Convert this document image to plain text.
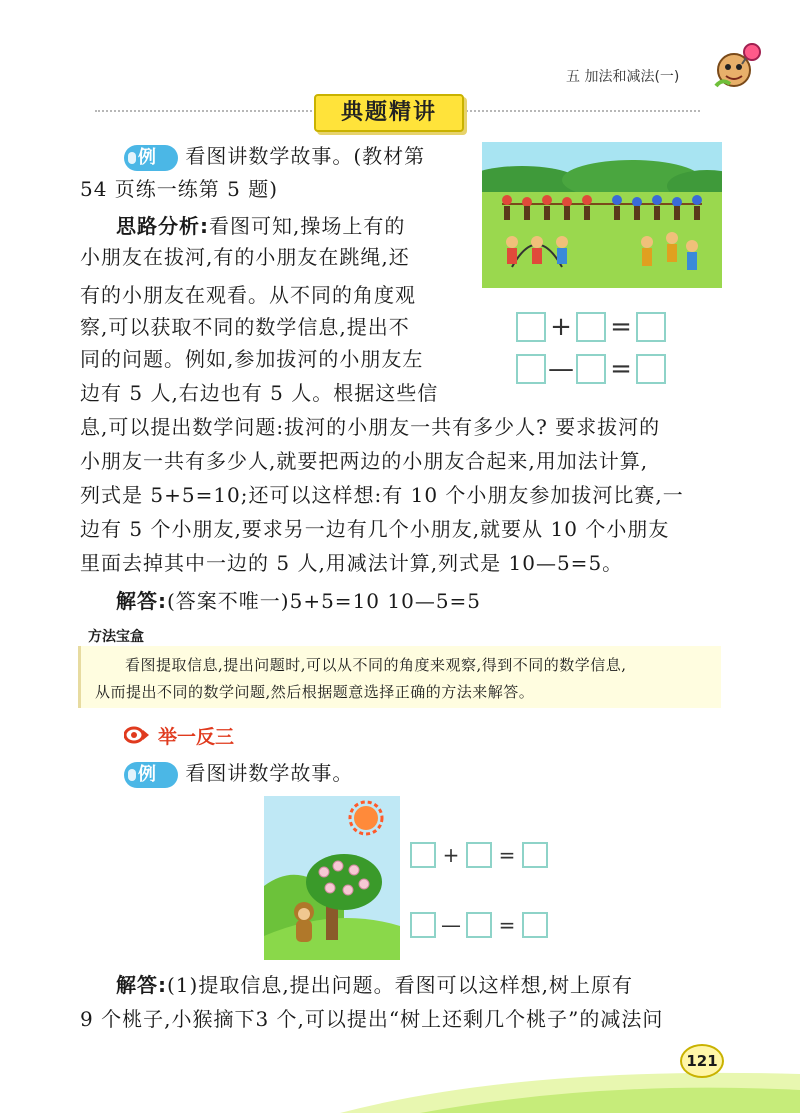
五 加法和减法(一)
典题精讲
例 看图讲数学故事。(教材第
54 页练一练第 5 题)
思路分析:看图可知,操场上有的
小朋友在拔河,有的小朋友在跳绳,还
有的小朋友在观看。从不同的角度观
察,可以获取不同的数学信息,提出不
同的问题。例如,参加拔河的小朋友左
边有 5 人,右边也有 5 人。根据这些信
息,可以提出数学问题:拔河的小朋友一共有多少人? 要求拔河的
小朋友一共有多少人,就要把两边的小朋友合起来,用加法计算,
列式是 5+5=10;还可以这样想:有 10 个小朋友参加拔河比赛,一
边有 5 个小朋友,要求另一边有几个小朋友,就要从 10 个小朋友
里面去掉其中一边的 5 人,用减法计算,列式是 10—5=5。
解答:(答案不唯一)5+5=10 10—5=5
+ =
— =
方法宝盒

看图提取信息,提出问题时,可以从不同的角度来观察,得到不同的数学信息,

从而提出不同的数学问题,然后根据题意选择正确的方法来解答。

举一反三
例 看图讲数学故事。
+ =
— =
解答:(1)提取信息,提出问题。看图可以这样想,树上原有
9 个桃子,小猴摘下3 个,可以提出“树上还剩几个桃子”的减法问
121
